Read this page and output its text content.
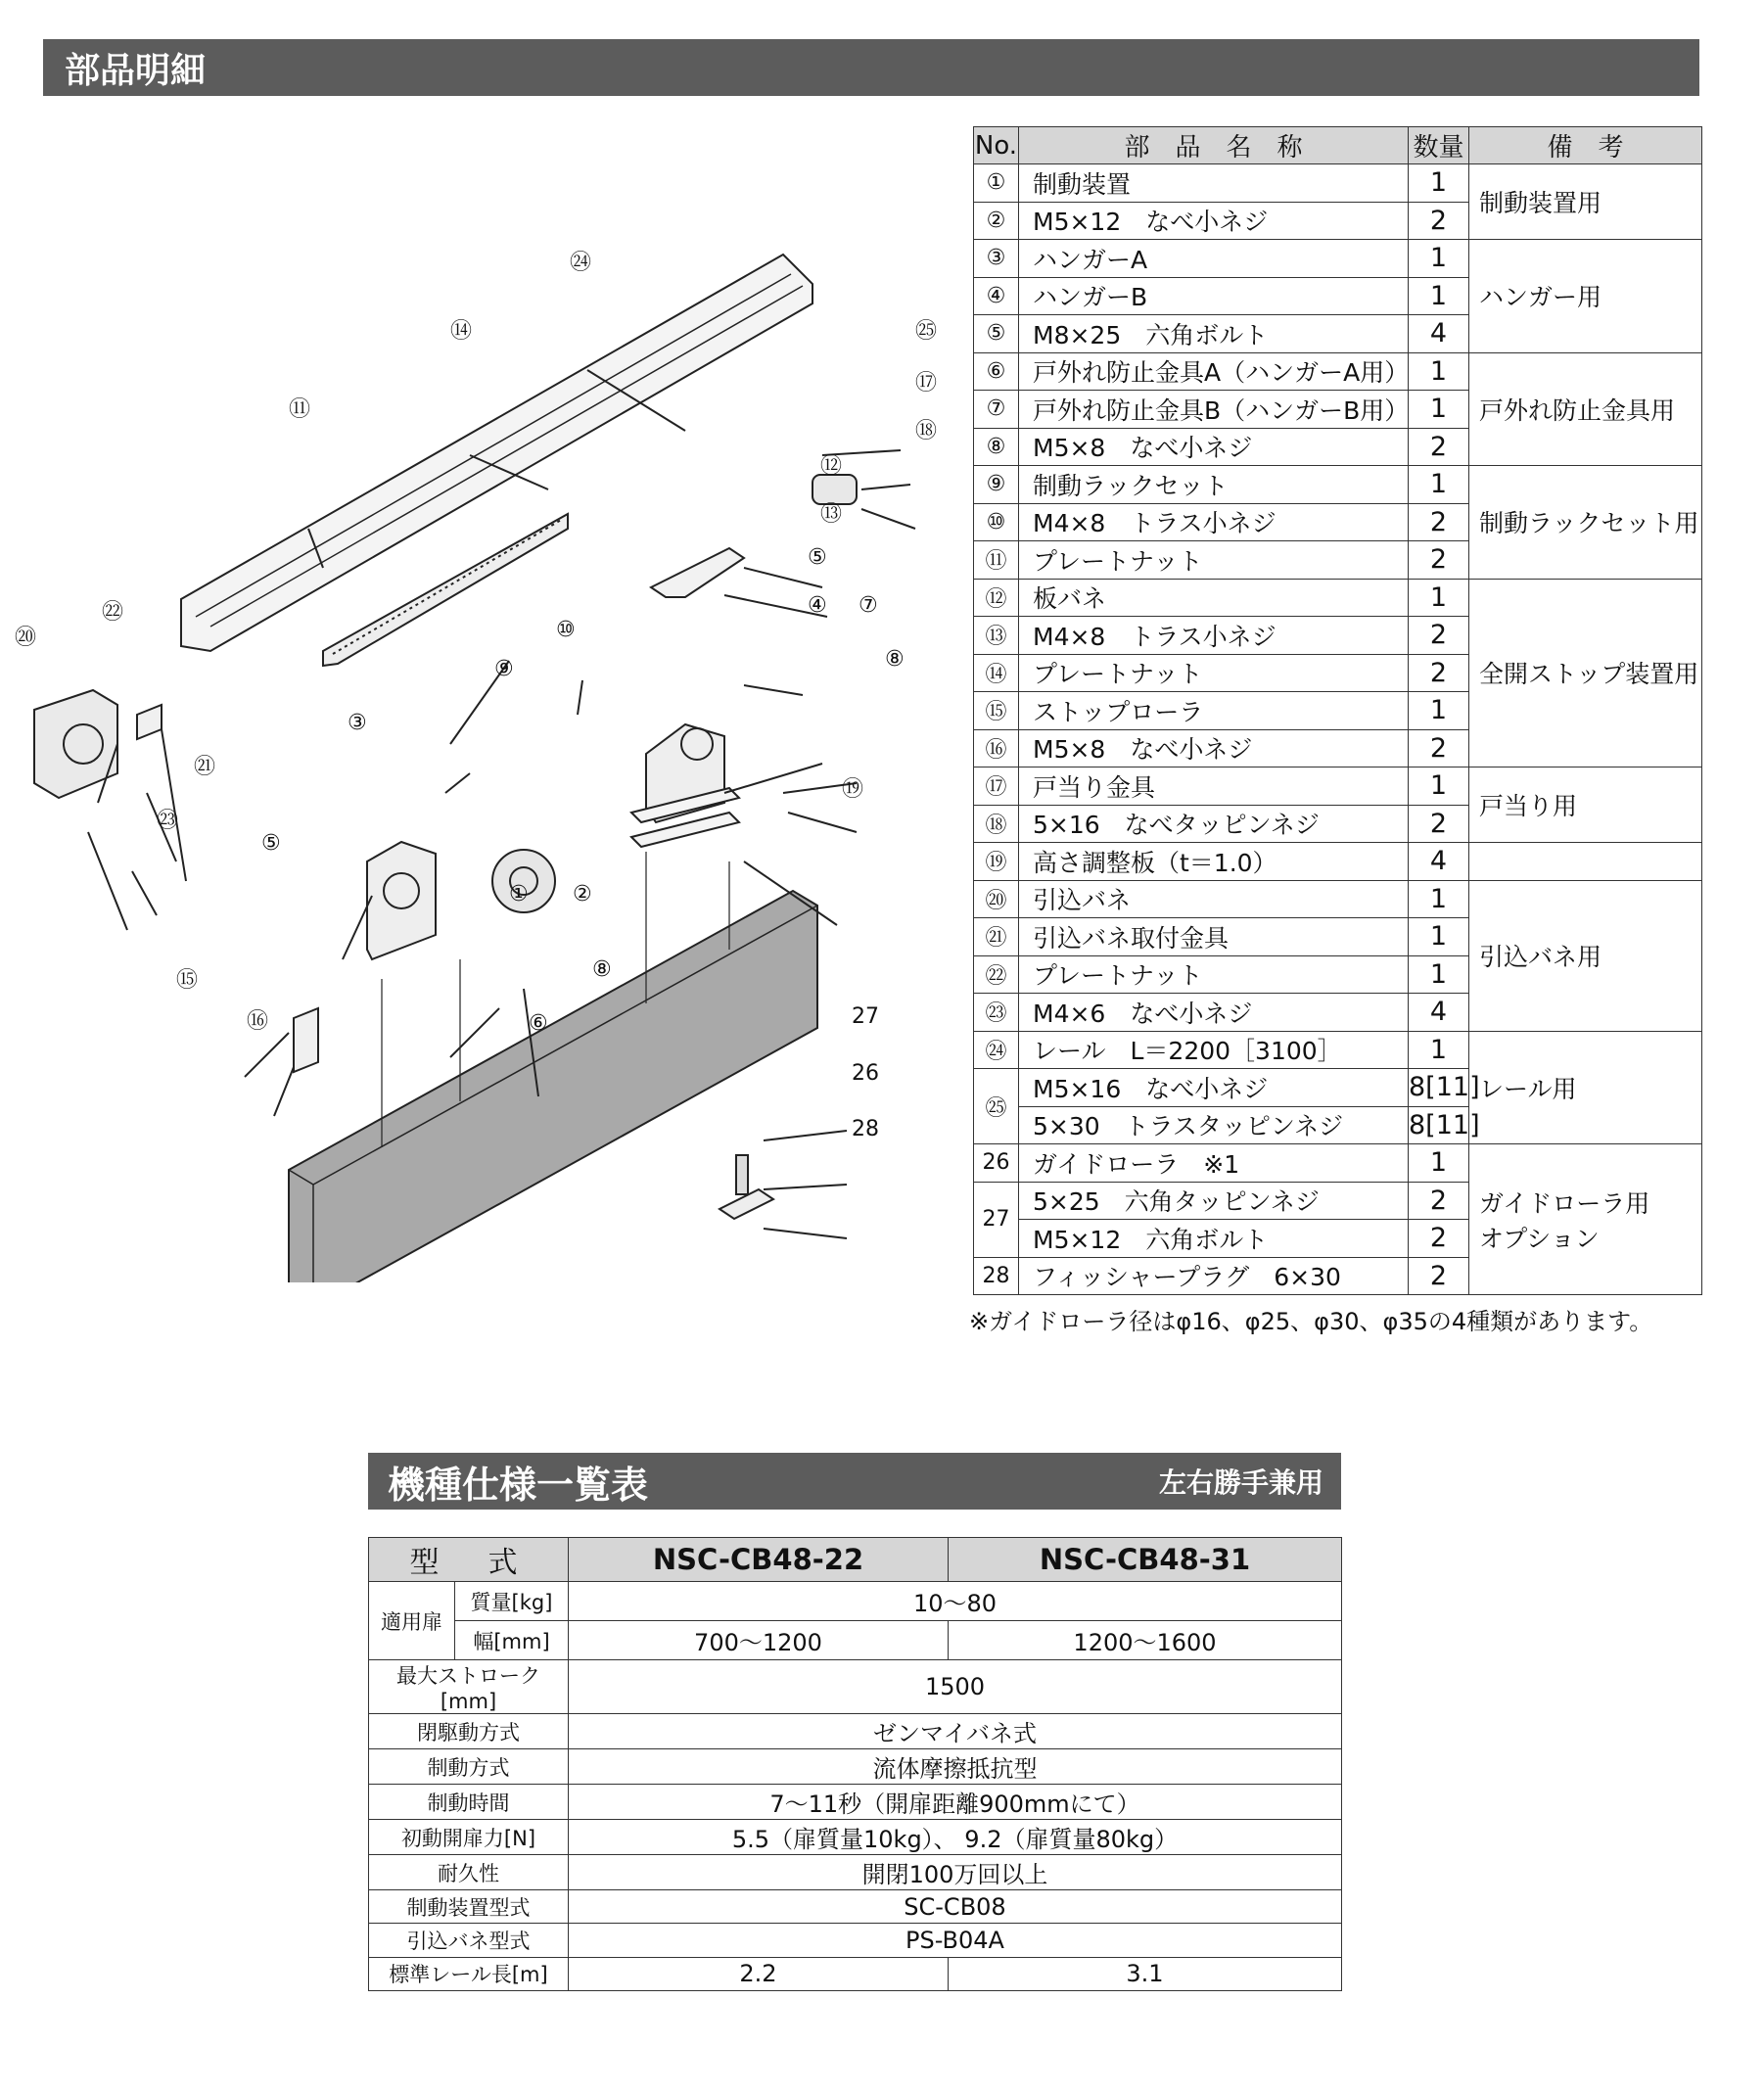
部品明細
① ②
③
④
⑤
⑤
⑥
⑦
⑧
⑧
⑨
⑩
⑪
⑫
⑬
⑭
⑮
⑯
⑰
⑱
⑲
⑳
㉑
㉒
㉓
㉔
㉕
27
26
28
No.	部　品　名　称	数量	備　考
①	制動装置	1	制動装置用

②	M5×12　なべ小ネジ	2	
③	ハンガーA	1	ハンガー用

④	ハンガーB	1	
⑤	M8×25　六角ボルト	4	
⑥	戸外れ防止金具A（ハンガーA用）	1	戸外れ防止金具用

⑦	戸外れ防止金具B（ハンガーB用）	1	
⑧	M5×8　なべ小ネジ	2	
⑨	制動ラックセット	1	制動ラックセット用

⑩	M4×8　トラス小ネジ	2	
⑪	プレートナット	2	
⑫	板バネ	1	全開ストップ装置用

⑬	M4×8　トラス小ネジ	2	
⑭	プレートナット	2	
⑮	ストップローラ	1	
⑯	M5×8　なべ小ネジ	2	
⑰	戸当り金具	1	戸当り用

⑱	5×16　なべタッピンネジ	2	
⑲	高さ調整板（t＝1.0）	4	
⑳	引込バネ	1	引込バネ用

㉑	引込バネ取付金具	1	
㉒	プレートナット	1	
㉓	M4×6　なべ小ネジ	4	
㉔	レール　L＝2200［3100］	1	レール用

㉕	M5×16　なべ小ネジ	8[11]	
	5×30　トラスタッピンネジ	8[11]	
26	ガイドローラ　※1	1	ガイドローラ用
オプション

27	5×25　六角タッピンネジ	2	
	M5×12　六角ボルト	2	
28	フィッシャープラグ　6×30	2	
※ガイドローラ径はφ16、φ25、φ30、φ35の4種類があります。
機種仕様一覧表	左右勝手兼用
型　式		NSC-CB48-22	NSC-CB48-31
適用扉	質量[kg]	10～80	
	幅[mm]	700～1200	1200～1600
最大ストローク[mm]		1500	
閉駆動方式		ゼンマイバネ式	
制動方式		流体摩擦抵抗型	
制動時間		7～11秒（開扉距離900mmにて）	
初動開扉力[N]		5.5（扉質量10kg）、 9.2（扉質量80kg）	
耐久性		開閉100万回以上	
制動装置型式		SC-CB08	
引込バネ型式		PS-B04A	
標準レール長[m]		2.2	3.1
